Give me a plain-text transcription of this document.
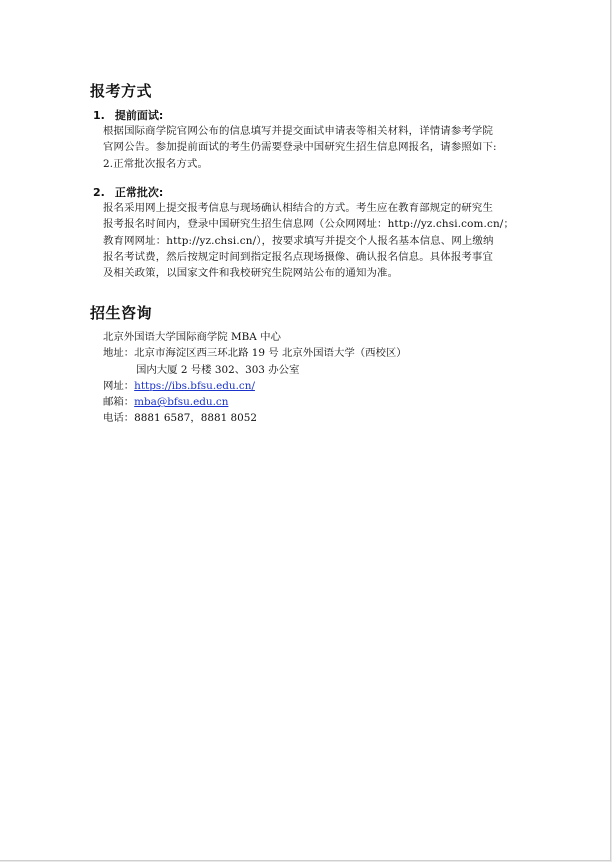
报考方式

1. 提前面试:

根据国际商学院官网公布的信息填写并提交面试申请表等相关材料，详情请参考学院
官网公告。参加提前面试的考生仍需要登录中国研究生招生信息网报名，请参照如下:
2.正常批次报名方式。

2. 正常批次:

报名采用网上提交报考信息与现场确认相结合的方式。考生应在教育部规定的研究生
报考报名时间内，登录中国研究生招生信息网（公众网网址：http://yz.chsi.com.cn/；
教育网网址：http://yz.chsi.cn/），按要求填写并提交个人报名基本信息、网上缴纳
报名考试费，然后按规定时间到指定报名点现场摄像、确认报名信息。具体报考事宜
及相关政策，以国家文件和我校研究生院网站公布的通知为准。

招生咨询
北京外国语大学国际商学院 MBA 中心
地址：北京市海淀区西三环北路 19 号 北京外国语大学（西校区）
国内大厦 2 号楼 302、303 办公室
网址：https://ibs.bfsu.edu.cn/
邮箱：mba@bfsu.edu.cn
电话：8881 6587，8881 8052
